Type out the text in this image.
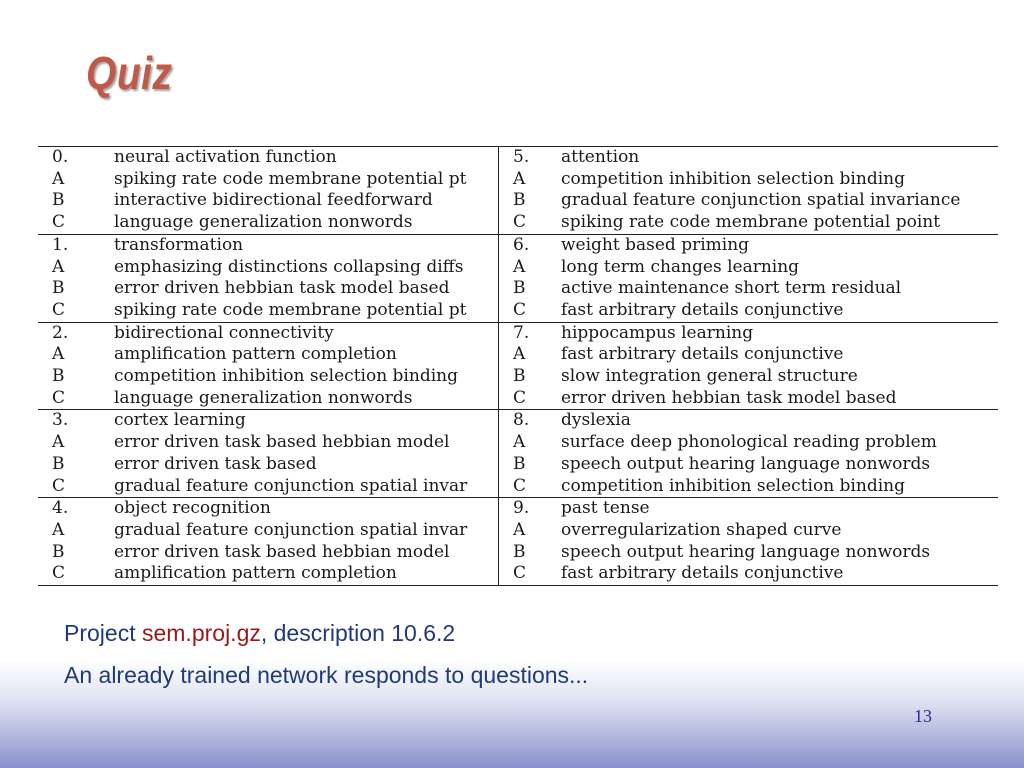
Quiz
0.	neural activation function	5.	attention
A	spiking rate code membrane potential pt	A	competition inhibition selection binding
B	interactive bidirectional feedforward	B	gradual feature conjunction spatial invariance
C	language generalization nonwords	C	spiking rate code membrane potential point
1.	transformation	6.	weight based priming
A	emphasizing distinctions collapsing diffs	A	long term changes learning
B	error driven hebbian task model based	B	active maintenance short term residual
C	spiking rate code membrane potential pt	C	fast arbitrary details conjunctive
2.	bidirectional connectivity	7.	hippocampus learning
A	amplification pattern completion	A	fast arbitrary details conjunctive
B	competition inhibition selection binding	B	slow integration general structure
C	language generalization nonwords	C	error driven hebbian task model based
3.	cortex learning	8.	dyslexia
A	error driven task based hebbian model	A	surface deep phonological reading problem
B	error driven task based	B	speech output hearing language nonwords
C	gradual feature conjunction spatial invar	C	competition inhibition selection binding
4.	object recognition	9.	past tense
A	gradual feature conjunction spatial invar	A	overregularization shaped curve
B	error driven task based hebbian model	B	speech output hearing language nonwords
C	amplification pattern completion	C	fast arbitrary details conjunctive
Project sem.proj.gz, description 10.6.2
An already trained network responds to questions...
13
